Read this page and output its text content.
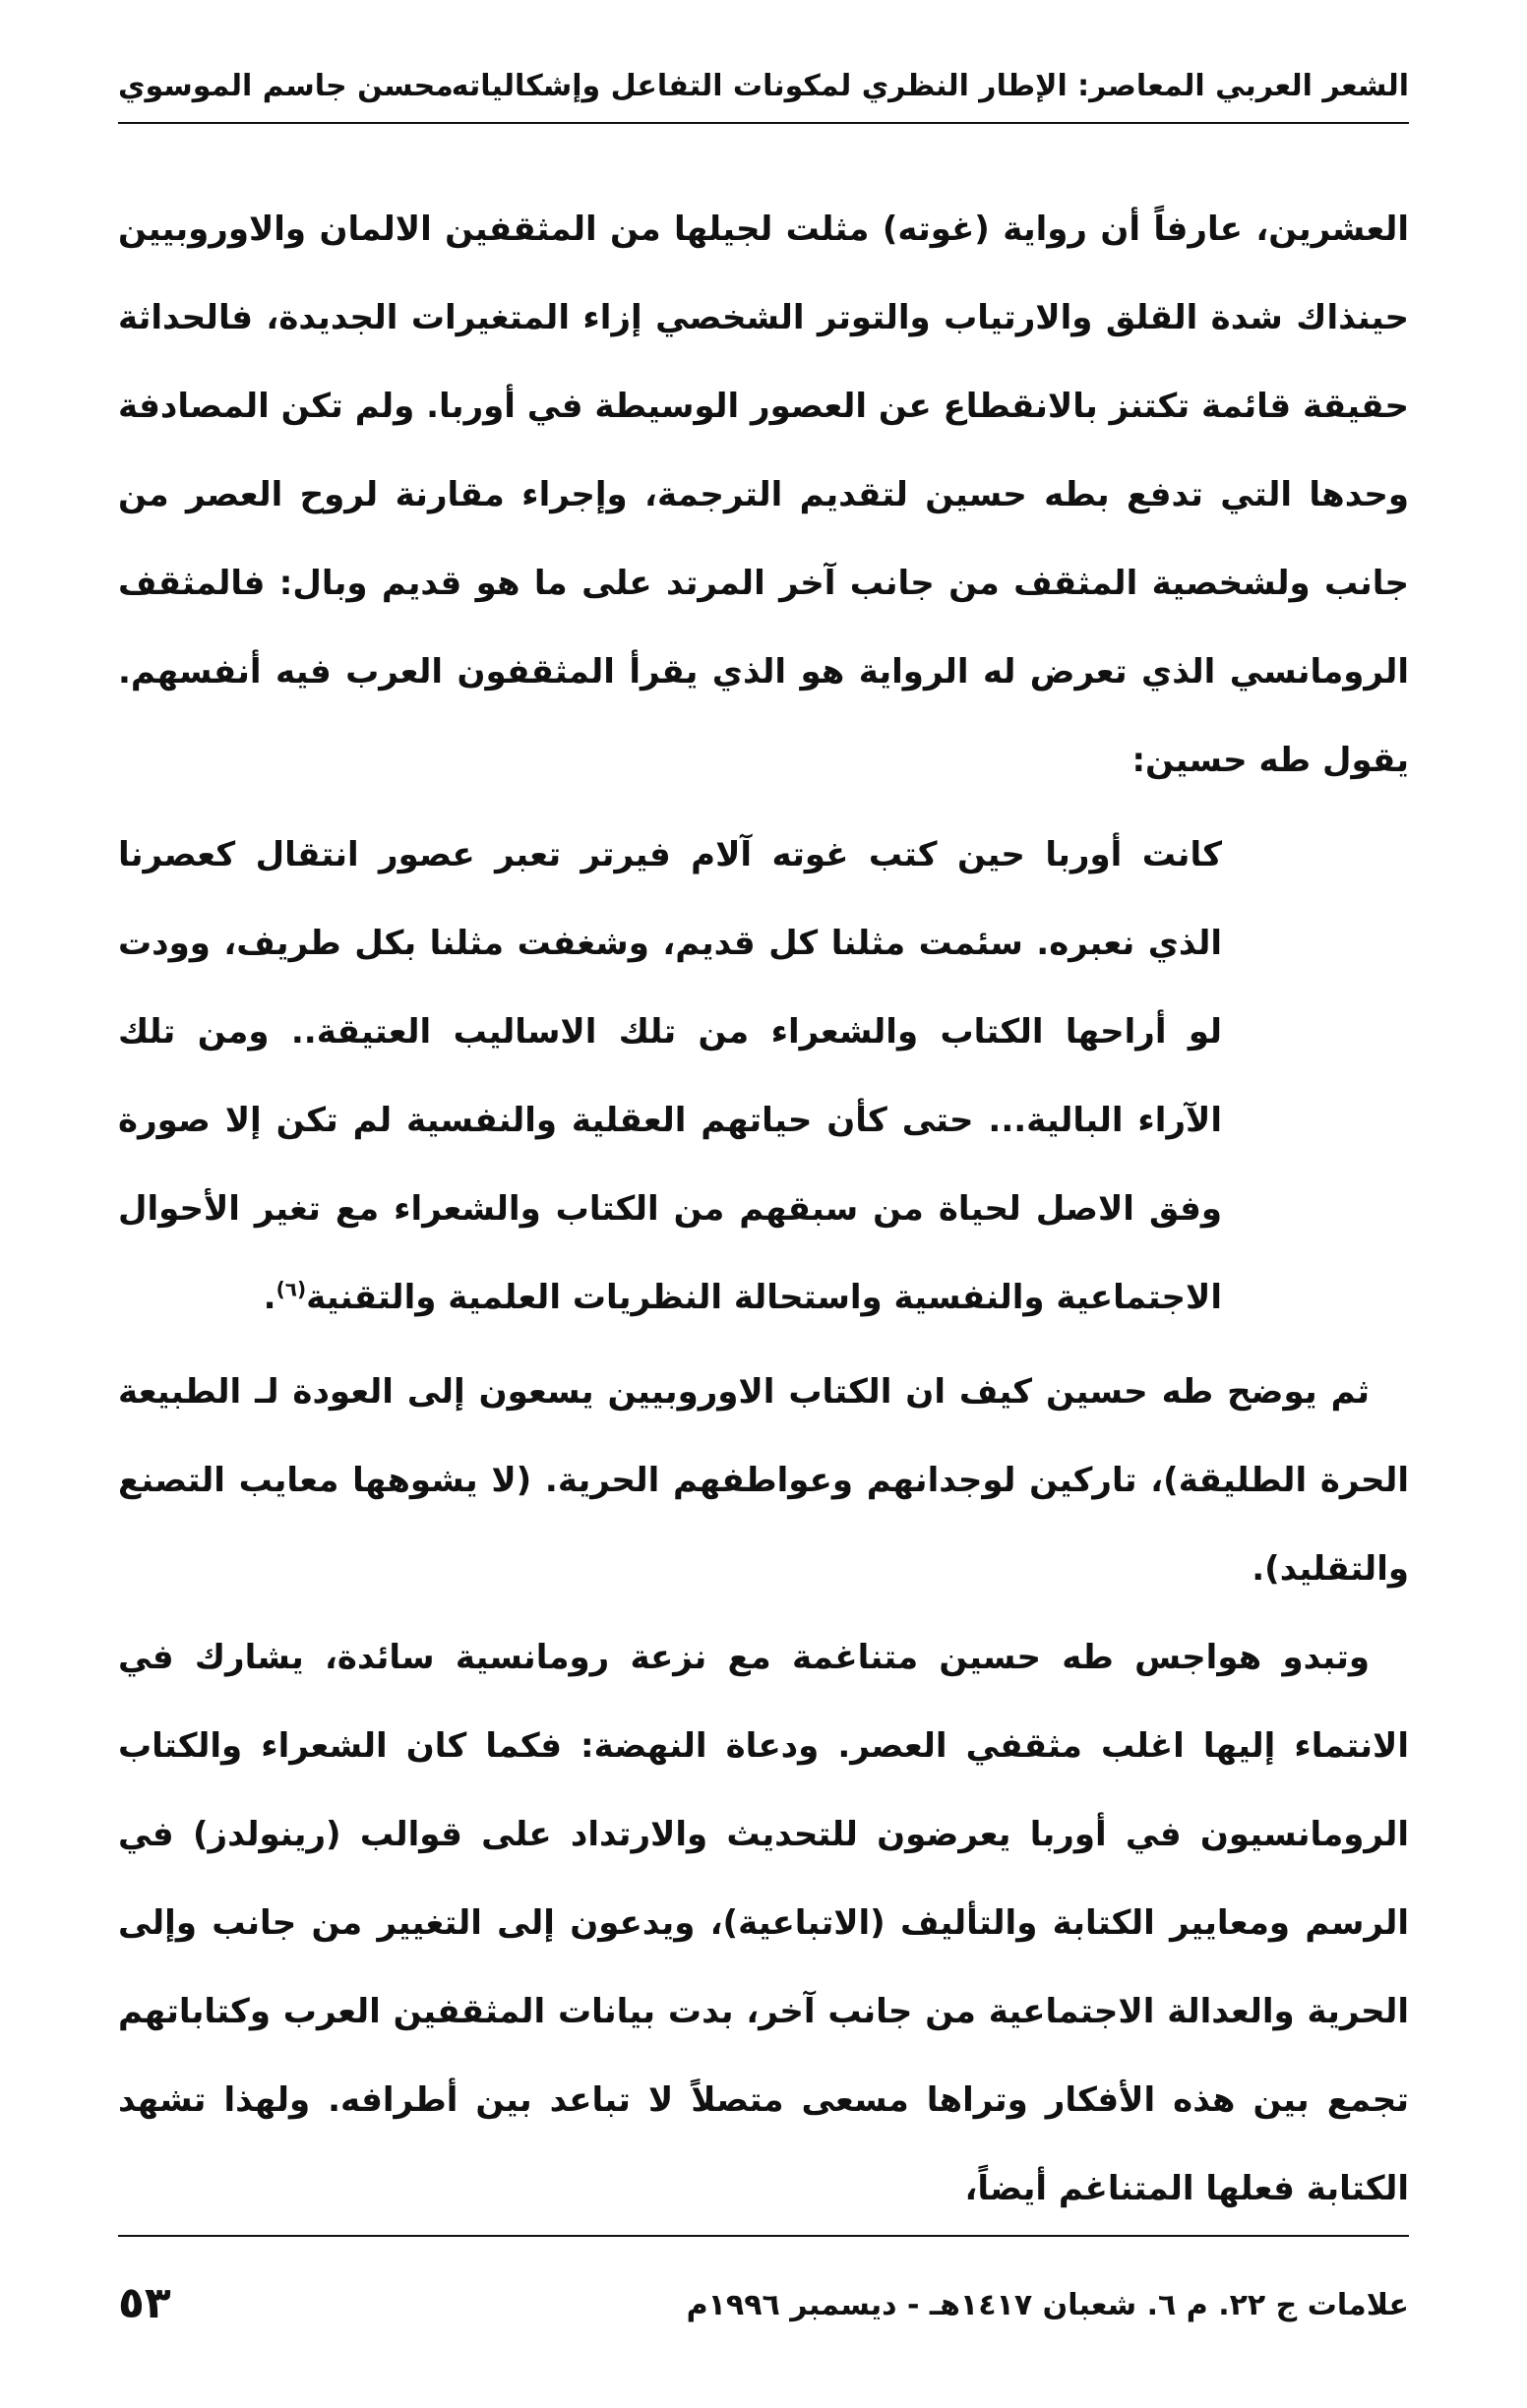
الشعر العربي المعاصر: الإطار النظري لمكونات التفاعل وإشكالياته
محسن جاسم الموسوي

العشرين، عارفاً أن رواية (غوته) مثلت لجيلها من المثقفين الالمان والاوروبيين حينذاك شدة القلق والارتياب والتوتر الشخصي إزاء المتغيرات الجديدة، فالحداثة حقيقة قائمة تكتنز بالانقطاع عن العصور الوسيطة في أوربا. ولم تكن المصادفة وحدها التي تدفع بطه حسين لتقديم الترجمة، وإجراء مقارنة لروح العصر من جانب ولشخصية المثقف من جانب آخر المرتد على ما هو قديم وبال: فالمثقف الرومانسي الذي تعرض له الرواية هو الذي يقرأ المثقفون العرب فيه أنفسهم. يقول طه حسين:

كانت أوربا حين كتب غوته آلام فيرتر تعبر عصور انتقال كعصرنا الذي نعبره. سئمت مثلنا كل قديم، وشغفت مثلنا بكل طريف، وودت لو أراحها الكتاب والشعراء من تلك الاساليب العتيقة.. ومن تلك الآراء البالية... حتى كأن حياتهم العقلية والنفسية لم تكن إلا صورة وفق الاصل لحياة من سبقهم من الكتاب والشعراء مع تغير الأحوال الاجتماعية والنفسية واستحالة النظريات العلمية والتقنية$^{(٦)}$.

ثم يوضح طه حسين كيف ان الكتاب الاوروبيين يسعون إلى العودة لـ الطبيعة الحرة الطليقة)، تاركين لوجدانهم وعواطفهم الحرية. (لا يشوهها معايب التصنع والتقليد).

وتبدو هواجس طه حسين متناغمة مع نزعة رومانسية سائدة، يشارك في الانتماء إليها اغلب مثقفي العصر. ودعاة النهضة: فكما كان الشعراء والكتاب الرومانسيون في أوربا يعرضون للتحديث والارتداد على قوالب (رينولدز) في الرسم ومعايير الكتابة والتأليف (الاتباعية)، ويدعون إلى التغيير من جانب وإلى الحرية والعدالة الاجتماعية من جانب آخر، بدت بيانات المثقفين العرب وكتاباتهم تجمع بين هذه الأفكار وتراها مسعى متصلاً لا تباعد بين أطرافه. ولهذا تشهد الكتابة فعلها المتناغم أيضاً،

علامات ج ٢٢. م ٦. شعبان ١٤١٧هـ - ديسمبر ١٩٩٦م
٥٣
